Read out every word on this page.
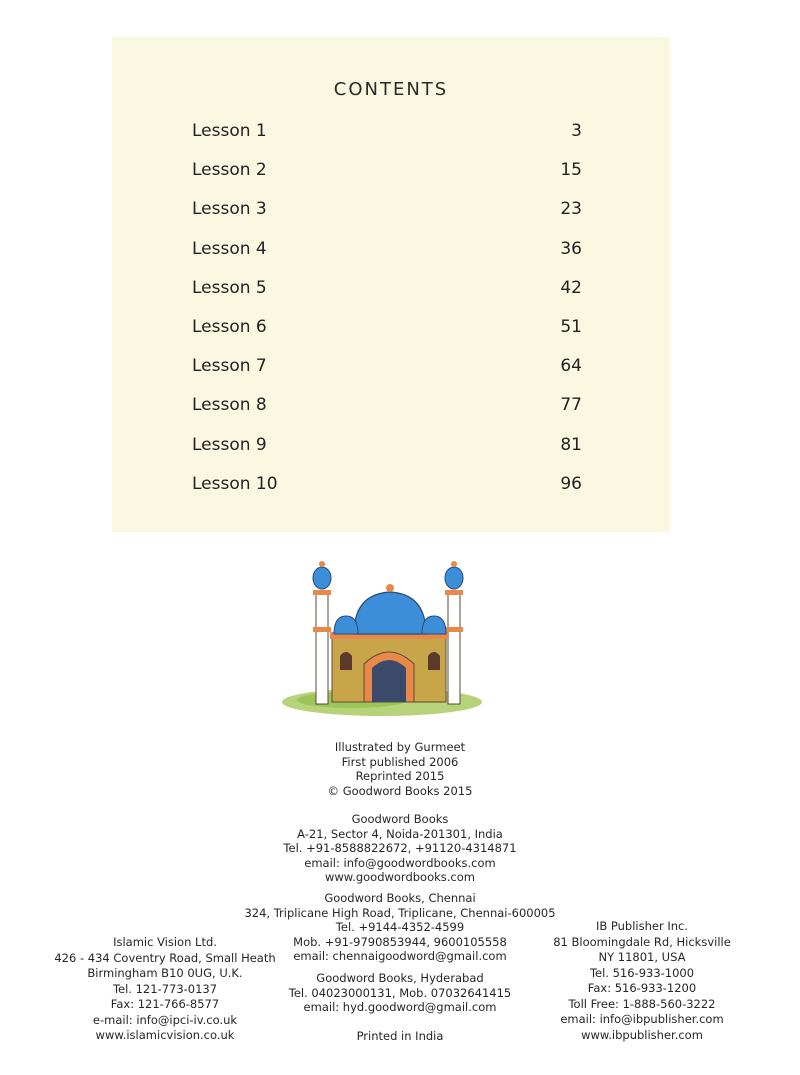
CONTENTS
Lesson 1	3
Lesson 2	15
Lesson 3	23
Lesson 4	36
Lesson 5	42
Lesson 6	51
Lesson 7	64
Lesson 8	77
Lesson 9	81
Lesson 10	96
Illustrated by Gurmeet
First published 2006
Reprinted 2015
© Goodword Books 2015
Goodword Books
A-21, Sector 4, Noida-201301, India
Tel. +91-8588822672, +91120-4314871
email: info@goodwordbooks.com
www.goodwordbooks.com
Goodword Books, Chennai
324, Triplicane High Road, Triplicane, Chennai-600005
Tel. +9144-4352-4599
Mob. +91-9790853944, 9600105558
email: chennaigoodword@gmail.com
Goodword Books, Hyderabad
Tel. 04023000131, Mob. 07032641415
email: hyd.goodword@gmail.com
Printed in India
Islamic Vision Ltd.
426 - 434 Coventry Road, Small Heath
Birmingham B10 0UG, U.K.
Tel. 121-773-0137
Fax: 121-766-8577
e-mail: info@ipci-iv.co.uk
www.islamicvision.co.uk
IB Publisher Inc.
81 Bloomingdale Rd, Hicksville
NY 11801, USA
Tel. 516-933-1000
Fax: 516-933-1200
Toll Free: 1-888-560-3222
email: info@ibpublisher.com
www.ibpublisher.com
